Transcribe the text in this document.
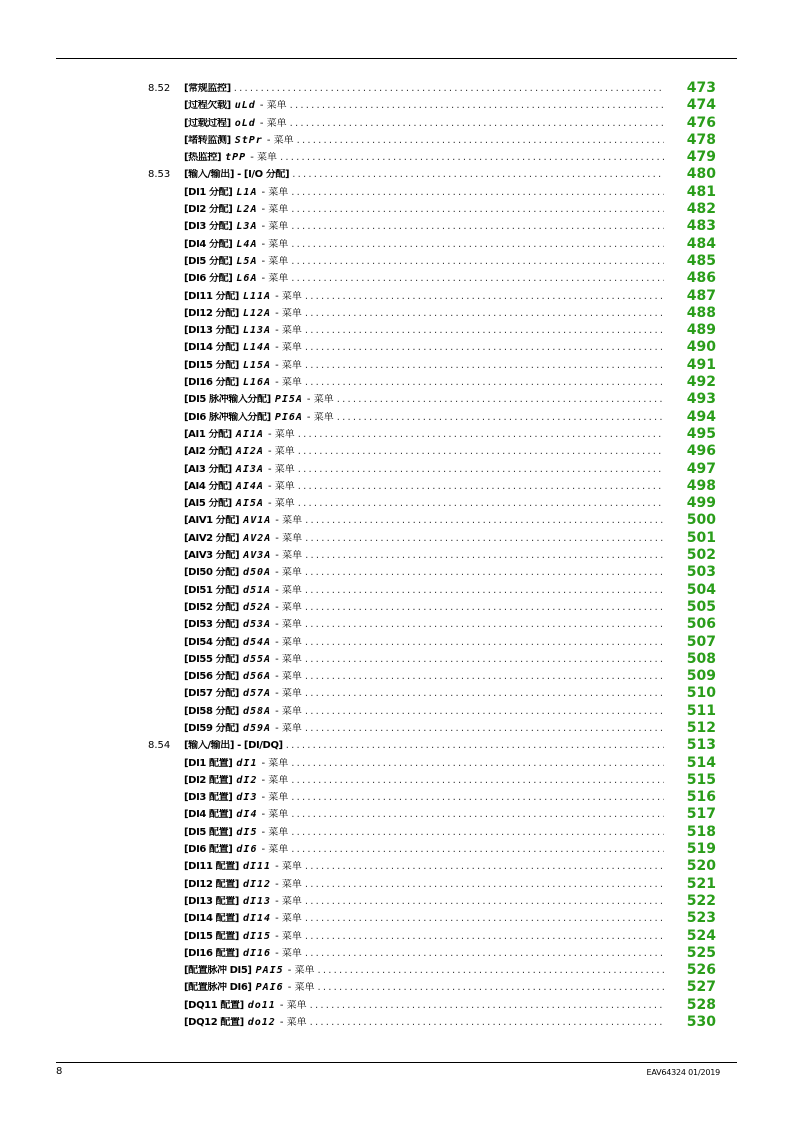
8.52 [常规监控] .....	473
[过程欠载] uLd - 菜单 .....	474
[过载过程] oLd - 菜单 .....	476
[堵转监测] StPr - 菜单 .....	478
[热监控] tPP - 菜单 .....	479
8.53 [输入/输出] - [I/O 分配] .....	480
[DI1 分配] L1A - 菜单 .....	481
[DI2 分配] L2A - 菜单 .....	482
[DI3 分配] L3A - 菜单 .....	483
[DI4 分配] L4A - 菜单 .....	484
[DI5 分配] L5A - 菜单 .....	485
[DI6 分配] L6A - 菜单 .....	486
[DI11 分配] L11A - 菜单 .....	487
[DI12 分配] L12A - 菜单 .....	488
[DI13 分配] L13A - 菜单 .....	489
[DI14 分配] L14A - 菜单 .....	490
[DI15 分配] L15A - 菜单 .....	491
[DI16 分配] L16A - 菜单 .....	492
[DI5 脉冲输入分配] PI5A - 菜单 .....	493
[DI6 脉冲输入分配] PI6A - 菜单 .....	494
[AI1 分配] AI1A - 菜单 .....	495
[AI2 分配] AI2A - 菜单 .....	496
[AI3 分配] AI3A - 菜单 .....	497
[AI4 分配] AI4A - 菜单 .....	498
[AI5 分配] AI5A - 菜单 .....	499
[AIV1 分配] AV1A - 菜单 .....	500
[AIV2 分配] AV2A - 菜单 .....	501
[AIV3 分配] AV3A - 菜单 .....	502
[DI50 分配] d50A - 菜单 .....	503
[DI51 分配] d51A - 菜单 .....	504
[DI52 分配] d52A - 菜单 .....	505
[DI53 分配] d53A - 菜单 .....	506
[DI54 分配] d54A - 菜单 .....	507
[DI55 分配] d55A - 菜单 .....	508
[DI56 分配] d56A - 菜单 .....	509
[DI57 分配] d57A - 菜单 .....	510
[DI58 分配] d58A - 菜单 .....	511
[DI59 分配] d59A - 菜单 .....	512
8.54 [输入/输出] - [DI/DQ] .....	513
[DI1 配置] dI1 - 菜单 .....	514
[DI2 配置] dI2 - 菜单 .....	515
[DI3 配置] dI3 - 菜单 .....	516
[DI4 配置] dI4 - 菜单 .....	517
[DI5 配置] dI5 - 菜单 .....	518
[DI6 配置] dI6 - 菜单 .....	519
[DI11 配置] dI11 - 菜单 .....	520
[DI12 配置] dI12 - 菜单 .....	521
[DI13 配置] dI13 - 菜单 .....	522
[DI14 配置] dI14 - 菜单 .....	523
[DI15 配置] dI15 - 菜单 .....	524
[DI16 配置] dI16 - 菜单 .....	525
[配置脉冲 DI5] PAI5 - 菜单 .....	526
[配置脉冲 DI6] PAI6 - 菜单 .....	527
[DQ11 配置] do11 - 菜单 .....	528
[DQ12 配置] do12 - 菜单 .....	530
8	EAV64324 01/2019
